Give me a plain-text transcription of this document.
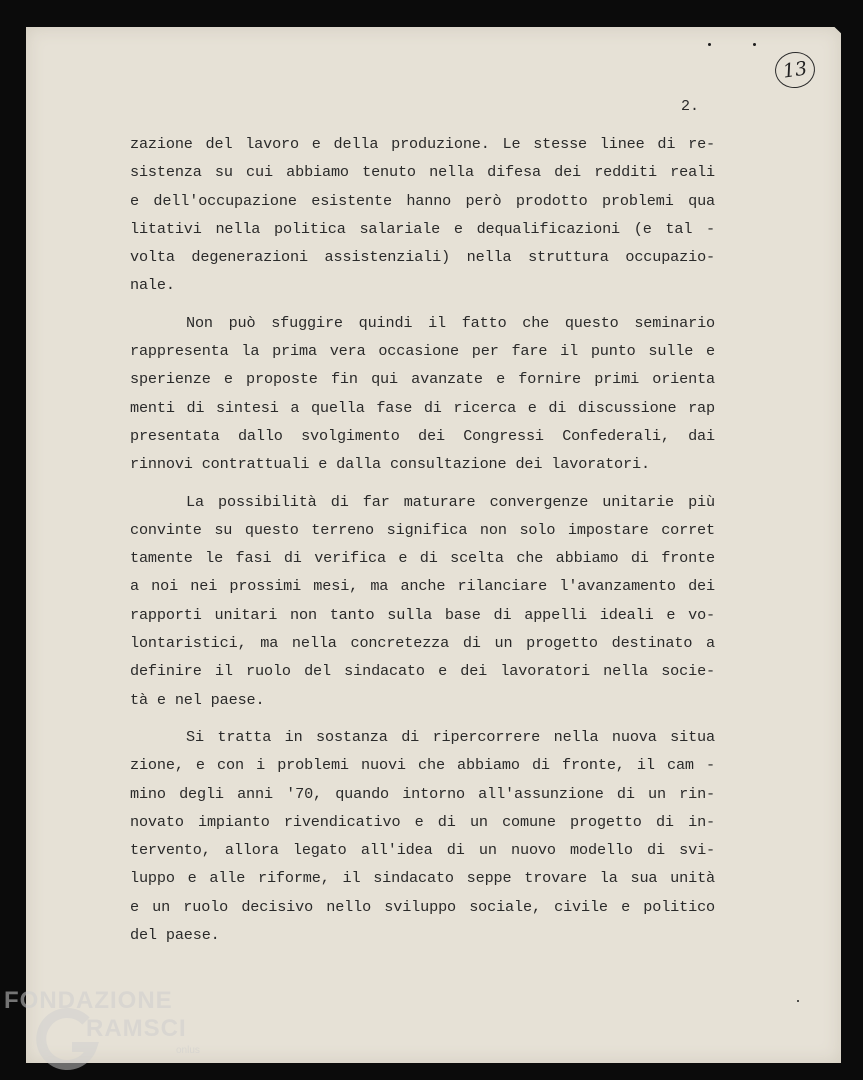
13
2.
zazione del lavoro e della produzione. Le stesse linee di re-
sistenza su cui abbiamo tenuto nella difesa dei redditi reali
e dell'occupazione esistente hanno però prodotto problemi qua
litativi nella politica salariale e dequalificazioni (e tal -
volta degenerazioni assistenziali) nella struttura occupazio-
nale.
Non può sfuggire quindi il fatto che questo seminario
rappresenta la prima vera occasione per fare il punto sulle e
sperienze e proposte fin qui avanzate e fornire primi orienta
menti di sintesi a quella fase di ricerca e di discussione rap
presentata dallo svolgimento dei Congressi Confederali, dai
rinnovi contrattuali e dalla consultazione dei lavoratori.
La possibilità di far maturare convergenze unitarie più
convinte su questo terreno significa non solo impostare corret
tamente le fasi di verifica e di scelta che abbiamo di fronte
a noi nei prossimi mesi, ma anche rilanciare l'avanzamento dei
rapporti unitari non tanto sulla base di appelli ideali e vo-
lontaristici, ma nella concretezza di un progetto destinato a
definire il ruolo del sindacato e dei lavoratori nella socie-
tà e nel paese.
Si tratta in sostanza di ripercorrere nella nuova situa
zione, e con i problemi nuovi che abbiamo di fronte, il cam -
mino degli anni '70, quando intorno all'assunzione di un rin-
novato impianto rivendicativo e di un comune progetto di in-
tervento, allora legato all'idea di un nuovo modello di svi-
luppo e alle riforme, il sindacato seppe trovare la sua unità
e un ruolo decisivo nello sviluppo sociale, civile e politico
del paese.
FONDAZIONE
RAMSCI
onlus
